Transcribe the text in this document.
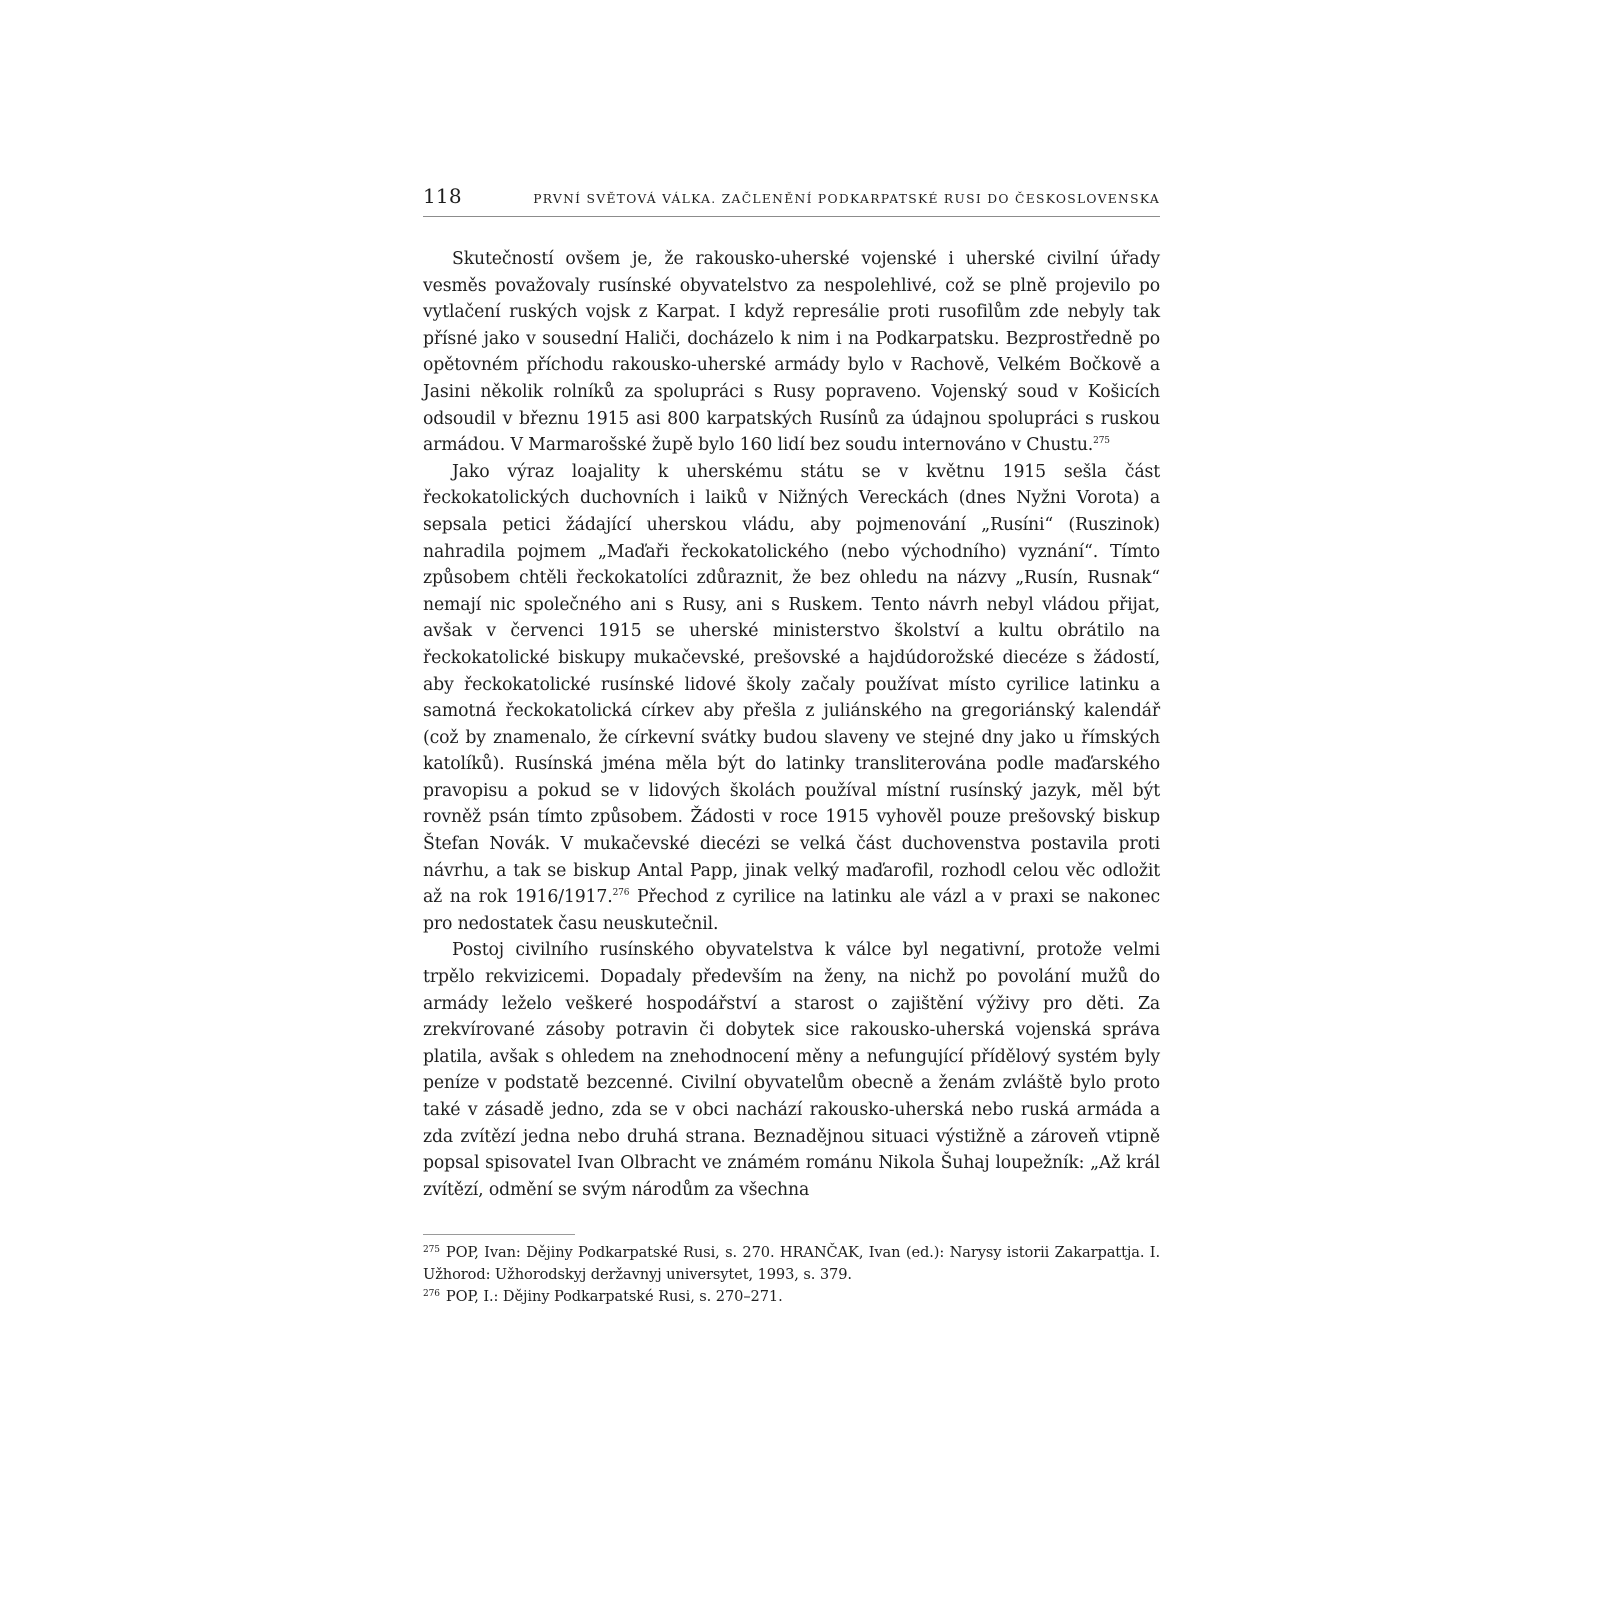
118	PRVNÍ SVĚTOVÁ VÁLKA. ZAČLENĚNÍ PODKARPATSKÉ RUSI DO ČESKOSLOVENSKA

Skutečností ovšem je, že rakousko-uherské vojenské i uherské civilní úřady vesměs považovaly rusínské obyvatelstvo za nespolehlivé, což se plně projevilo po vytlačení ruských vojsk z Karpat. I když represálie proti rusofilům zde nebyly tak přísné jako v sousední Haliči, docházelo k nim i na Podkarpatsku. Bezprostředně po opětovném příchodu rakousko-uherské armády bylo v Rachově, Velkém Bočkově a Jasini několik rolníků za spolupráci s Rusy popraveno. Vojenský soud v Košicích odsoudil v březnu 1915 asi 800 karpatských Rusínů za údajnou spolupráci s ruskou armádou. V Marmarošské župě bylo 160 lidí bez soudu internováno v Chustu.$^{275}$

Jako výraz loajality k uherskému státu se v květnu 1915 sešla část řeckokatolických duchovních i laiků v Nižných Vereckách (dnes Nyžni Vorota) a sepsala petici žádající uherskou vládu, aby pojmenování „Rusíni“ (Ruszinok) nahradila pojmem „Maďaři řeckokatolického (nebo východního) vyznání“. Tímto způsobem chtěli řeckokatolíci zdůraznit, že bez ohledu na názvy „Rusín, Rusnak“ nemají nic společného ani s Rusy, ani s Ruskem. Tento návrh nebyl vládou přijat, avšak v červenci 1915 se uherské ministerstvo školství a kultu obrátilo na řeckokatolické biskupy mukačevské, prešovské a hajdúdorožské diecéze s žádostí, aby řeckokatolické rusínské lidové školy začaly používat místo cyrilice latinku a samotná řeckokatolická církev aby přešla z juliánského na gregoriánský kalendář (což by znamenalo, že církevní svátky budou slaveny ve stejné dny jako u římských katolíků). Rusínská jména měla být do latinky transliterována podle maďarského pravopisu a pokud se v lidových školách používal místní rusínský jazyk, měl být rovněž psán tímto způsobem. Žádosti v roce 1915 vyhověl pouze prešovský biskup Štefan Novák. V mukačevské diecézi se velká část duchovenstva postavila proti návrhu, a tak se biskup Antal Papp, jinak velký maďarofil, rozhodl celou věc odložit až na rok 1916/1917.$^{276}$ Přechod z cyrilice na latinku ale vázl a v praxi se nakonec pro nedostatek času neuskutečnil.

Postoj civilního rusínského obyvatelstva k válce byl negativní, protože velmi trpělo rekvizicemi. Dopadaly především na ženy, na nichž po povolání mužů do armády leželo veškeré hospodářství a starost o zajištění výživy pro děti. Za zrekvírované zásoby potravin či dobytek sice rakousko-uherská vojenská správa platila, avšak s ohledem na znehodnocení měny a nefungující přídělový systém byly peníze v podstatě bezcenné. Civilní obyvatelům obecně a ženám zvláště bylo proto také v zásadě jedno, zda se v obci nachází rakousko-uherská nebo ruská armáda a zda zvítězí jedna nebo druhá strana. Beznadějnou situaci výstižně a zároveň vtipně popsal spisovatel Ivan Olbracht ve známém románu Nikola Šuhaj loupežník: „Až král zvítězí, odmění se svým národům za všechna

$^{275}$ POP, Ivan: Dějiny Podkarpatské Rusi, s. 270. HRANČAK, Ivan (ed.): Narysy istorii Zakarpattja. I. Užhorod: Užhorodskyj deržavnyj universytet, 1993, s. 379.

$^{276}$ POP, I.: Dějiny Podkarpatské Rusi, s. 270–271.
